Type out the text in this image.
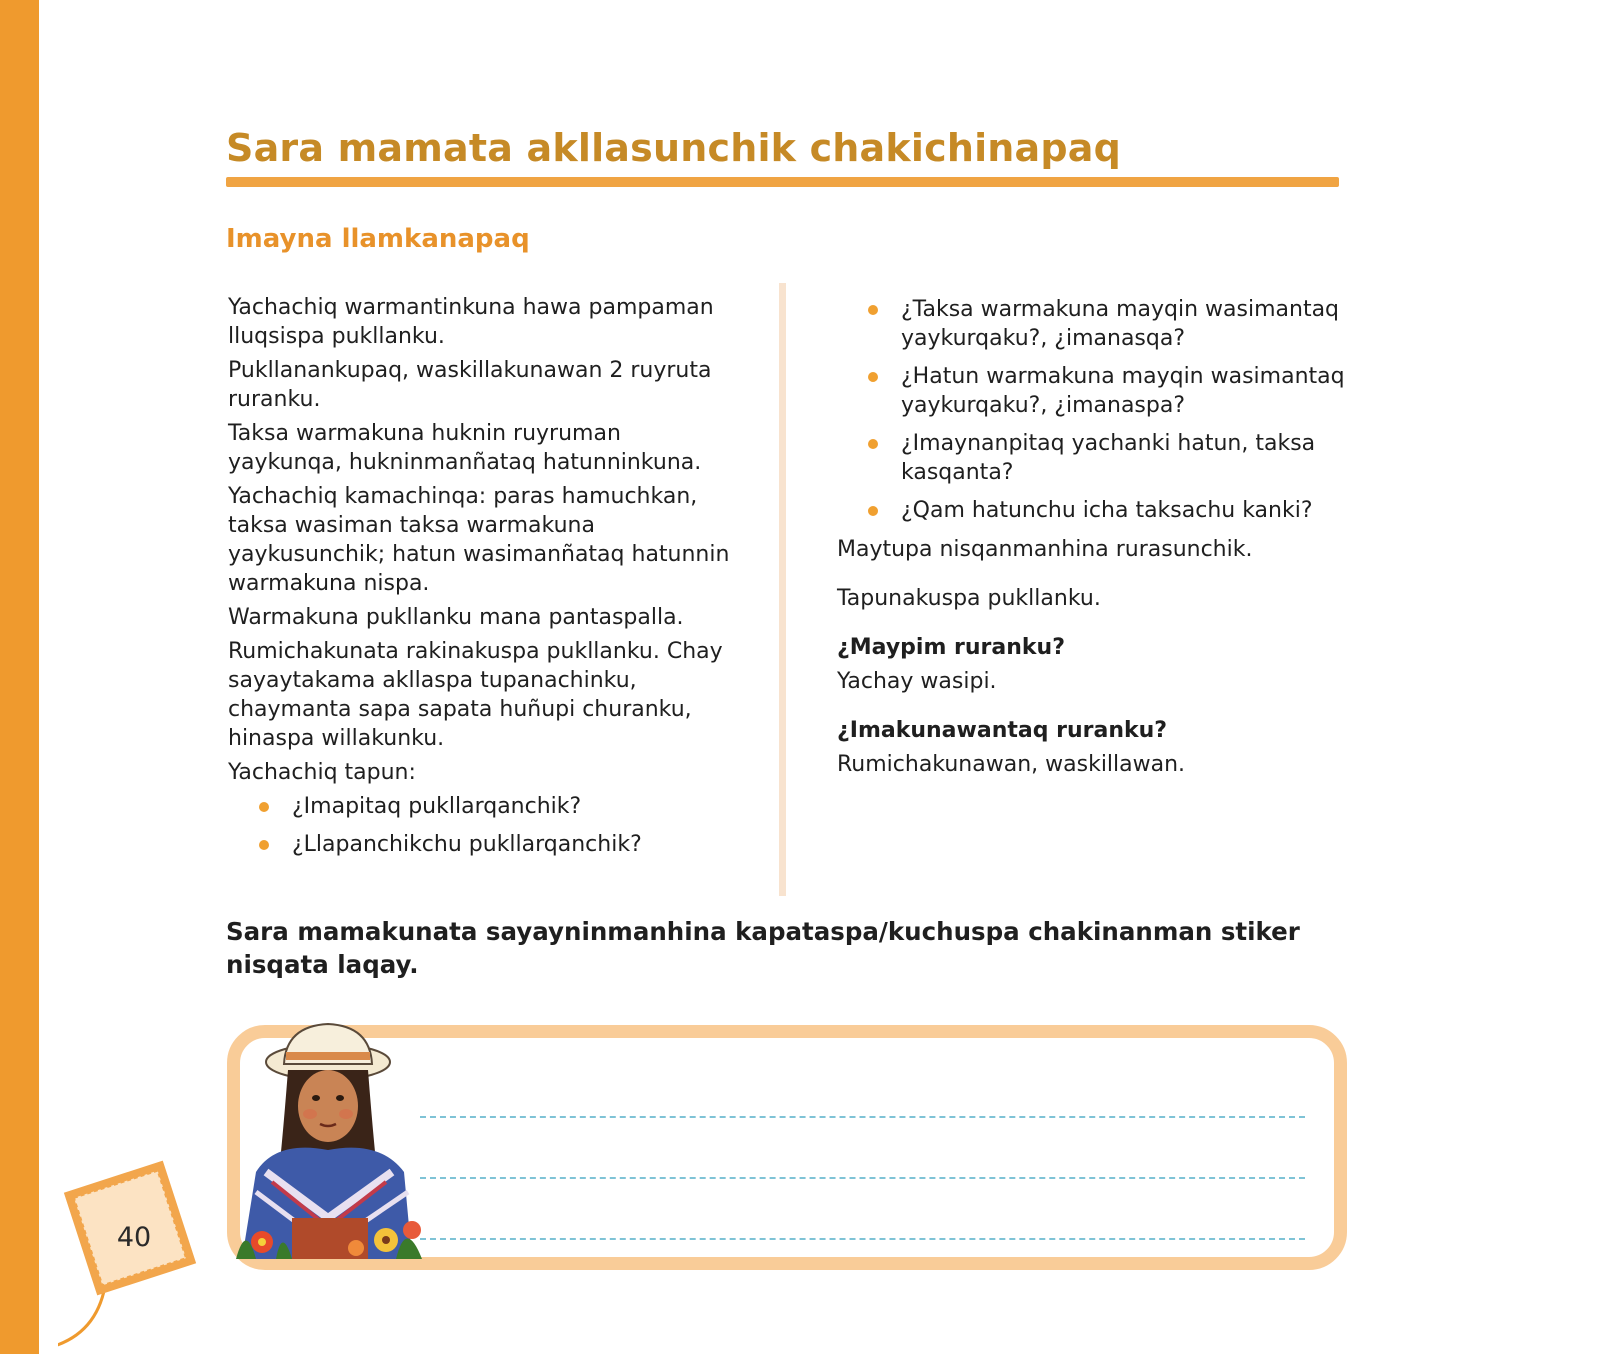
Sara mamata akllasunchik chakichinapaq
Imayna llamkanapaq

Yachachiq warmantinkuna hawa pampaman lluqsispa pukllanku.

Pukllanankupaq, waskillakunawan 2 ruyruta ruranku.

Taksa warmakuna huknin ruyruman yaykunqa, hukninmanñataq hatunninkuna.

Yachachiq kamachinqa: paras hamuchkan, taksa wasiman taksa warmakuna yaykusunchik; hatun wasimanñataq hatunnin warmakuna nispa.

Warmakuna pukllanku mana pantaspalla.

Rumichakunata rakinakuspa pukllanku. Chay sayaytakama akllaspa tupanachinku, chaymanta sapa sapata huñupi churanku, hinaspa willakunku.

Yachachiq tapun:

¿Imapitaq pukllarqanchik?
¿Llapanchikchu pukllarqanchik?
¿Taksa warmakuna mayqin wasimantaq yaykurqaku?, ¿imanasqa?
¿Hatun warmakuna mayqin wasimantaq yaykurqaku?, ¿imanaspa?
¿Imaynanpitaq yachanki hatun, taksa kasqanta?
¿Qam hatunchu icha taksachu kanki?

Maytupa nisqanmanhina rurasunchik.

Tapunakuspa pukllanku.

¿Maypim ruranku?

Yachay wasipi.

¿Imakunawantaq ruranku?

Rumichakunawan, waskillawan.

Sara mamakunata sayayninmanhina kapataspa/kuchuspa chakinanman stiker nisqata laqay.

40
